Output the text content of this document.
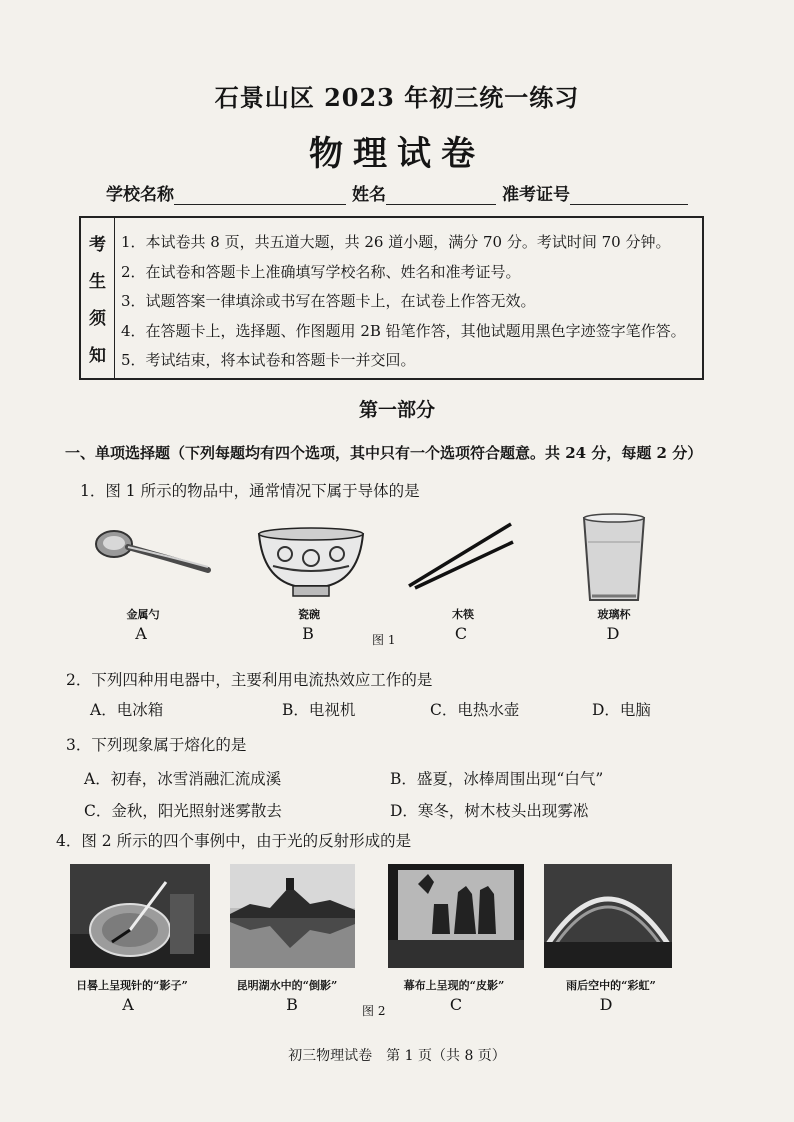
石景山区 2023 年初三统一练习
物理试卷
学校名称	姓名	准考证号
考
生
须
知
1．本试卷共 8 页，共五道大题，共 26 道小题，满分 70 分。考试时间 70 分钟。
2．在试卷和答题卡上准确填写学校名称、姓名和准考证号。
3．试题答案一律填涂或书写在答题卡上，在试卷上作答无效。
4．在答题卡上，选择题、作图题用 2B 铅笔作答，其他试题用黑色字迹签字笔作答。
5．考试结束，将本试卷和答题卡一并交回。
第一部分
一、单项选择题（下列每题均有四个选项，其中只有一个选项符合题意。共 24 分，每题 2 分）
1．图 1 所示的物品中，通常情况下属于导体的是
金属勺	瓷碗	木筷	玻璃杯
A	B	C	D
图 1
2．下列四种用电器中，主要利用电流热效应工作的是
A．电冰箱	B．电视机	C．电热水壶	D．电脑
3．下列现象属于熔化的是
A．初春，冰雪消融汇流成溪	B．盛夏，冰棒周围出现“白气”
C．金秋，阳光照射迷雾散去	D．寒冬，树木枝头出现雾凇
4．图 2 所示的四个事例中，由于光的反射形成的是
日晷上呈现针的“影子”	昆明湖水中的“倒影”	幕布上呈现的“皮影”	雨后空中的“彩虹”
A	B	C	D
图 2
初三物理试卷　第 1 页（共 8 页）
